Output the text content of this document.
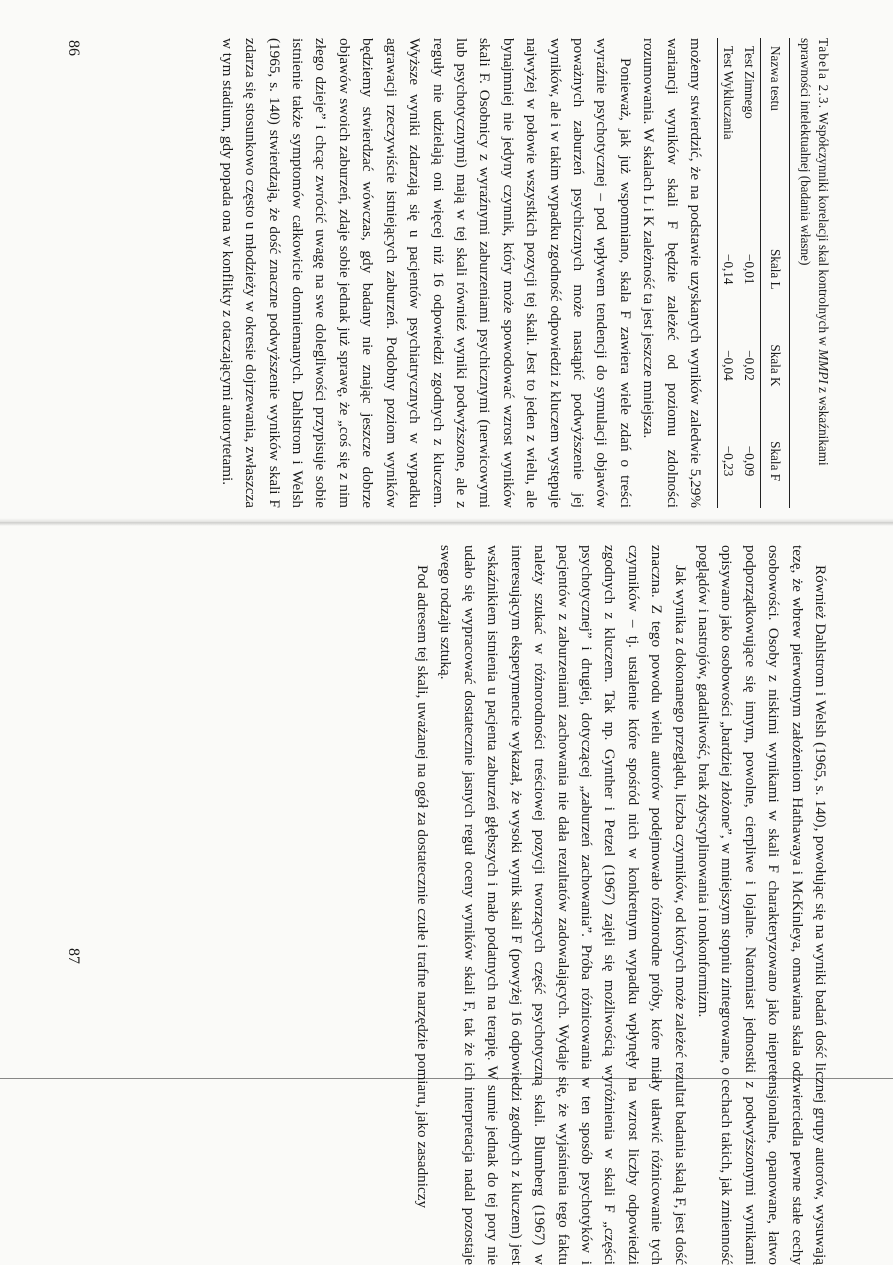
Tabela 2.3. Współczynniki korelacji skal kontrolnych w MMPI z wskaźnikami sprawności intelektualnej (badania własne)

Nazwa testu	Skala L	Skala K	Skala F
Test Zimnego	−0,01	−0,02	−0,09
Test Wykluczania	−0,14	−0,04	−0,23

możemy stwierdzić, że na podstawie uzyskanych wyników zaledwie 5,29% wariancji wyników skali F będzie zależeć od poziomu zdolności rozumowania. W skalach L i K zależność ta jest jeszcze mniejsza.

Ponieważ, jak już wspomniano, skala F zawiera wiele zdań o treści wyraźnie psychotycznej – pod wpływem tendencji do symulacji objawów poważnych zaburzeń psychicznych może nastąpić podwyższenie jej wyników, ale i w takim wypadku zgodność odpowiedzi z kluczem występuje najwyżej w połowie wszystkich pozycji tej skali. Jest to jeden z wielu, ale bynajmniej nie jedyny czynnik, który może spowodować wzrost wyników skali F. Osobnicy z wyraźnymi zaburzeniami psychicznymi (nerwicowymi lub psychotycznymi) mają w tej skali również wyniki podwyższone, ale z reguły nie udzielają oni więcej niż 16 odpowiedzi zgodnych z kluczem. Wyższe wyniki zdarzają się u pacjentów psychiatrycznych w wypadku agrawacji rzeczywiście istniejących zaburzeń. Podobny poziom wyników będziemy stwierdzać wówczas, gdy badany nie znając jeszcze dobrze objawów swoich zaburzeń, zdaje sobie jednak już sprawę, że „coś się z nim złego dzieje” i chcąc zwrócić uwagę na swe dolegliwości przypisuje sobie istnienie także symptomów całkowicie domniemanych. Dahlstrom i Welsh (1965, s. 140) stwierdzają, że dość znaczne podwyższenie wyników skali F zdarza się stosunkowo często u młodzieży w okresie dojrzewania, zwłaszcza w tym stadium, gdy popada ona w konflikty z otaczającymi autorytetami.

Również Dahlstrom i Welsh (1965, s. 140), powołując się na wyniki badań dość licznej grupy autorów, wysuwają tezę, że wbrew pierwotnym założeniom Hathawaya i McKinleya, omawiana skala odzwierciedla pewne stałe cechy osobowości. Osoby z niskimi wynikami w skali F charakteryzowano jako niepretensjonalne, opanowane, łatwo podporządkowujące się innym, powolne, cierpliwe i lojalne. Natomiast jednostki z podwyższonymi wynikami opisywano jako osobowości „bardziej złożone”, w mniejszym stopniu zintegrowane, o cechach takich, jak zmienność poglądów i nastrojów, gadatliwość, brak zdyscyplinowania i nonkonformizm.

Jak wynika z dokonanego przeglądu, liczba czynników, od których może zależeć rezultat badania skalą F, jest dość znaczna. Z tego powodu wielu autorów podejmowało różnorodne próby, które miały ułatwić różnicowanie tych czynników – tj. ustalenie które spośród nich w konkretnym wypadku wpłynęły na wzrost liczby odpowiedzi zgodnych z kluczem. Tak np. Gynther i Petzel (1967) zajęli się możliwością wyróżnienia w skali F „części psychotycznej” i drugiej, dotyczącej „zaburzeń zachowania”. Próba różnicowania w ten sposób psychotyków i pacjentów z zaburzeniami zachowania nie dała rezultatów zadowalających. Wydaje się, że wyjaśnienia tego faktu należy szukać w różnorodności treściowej pozycji tworzących część psychotyczną skali. Blumberg (1967) w interesującym eksperymencie wykazał, że wysoki wynik skali F (powyżej 16 odpowiedzi zgodnych z kluczem) jest wskaźnikiem istnienia u pacjenta zaburzeń głębszych i mało podatnych na terapię. W sumie jednak do tej pory nie udało się wypracować dostatecznie jasnych reguł oceny wyników skali F, tak że ich interpretacja nadal pozostaje swego rodzaju sztuką.

Pod adresem tej skali, uważanej na ogół za dostatecznie czułe i trafne narzędzie pomiaru, jako zasadniczy

86
87
